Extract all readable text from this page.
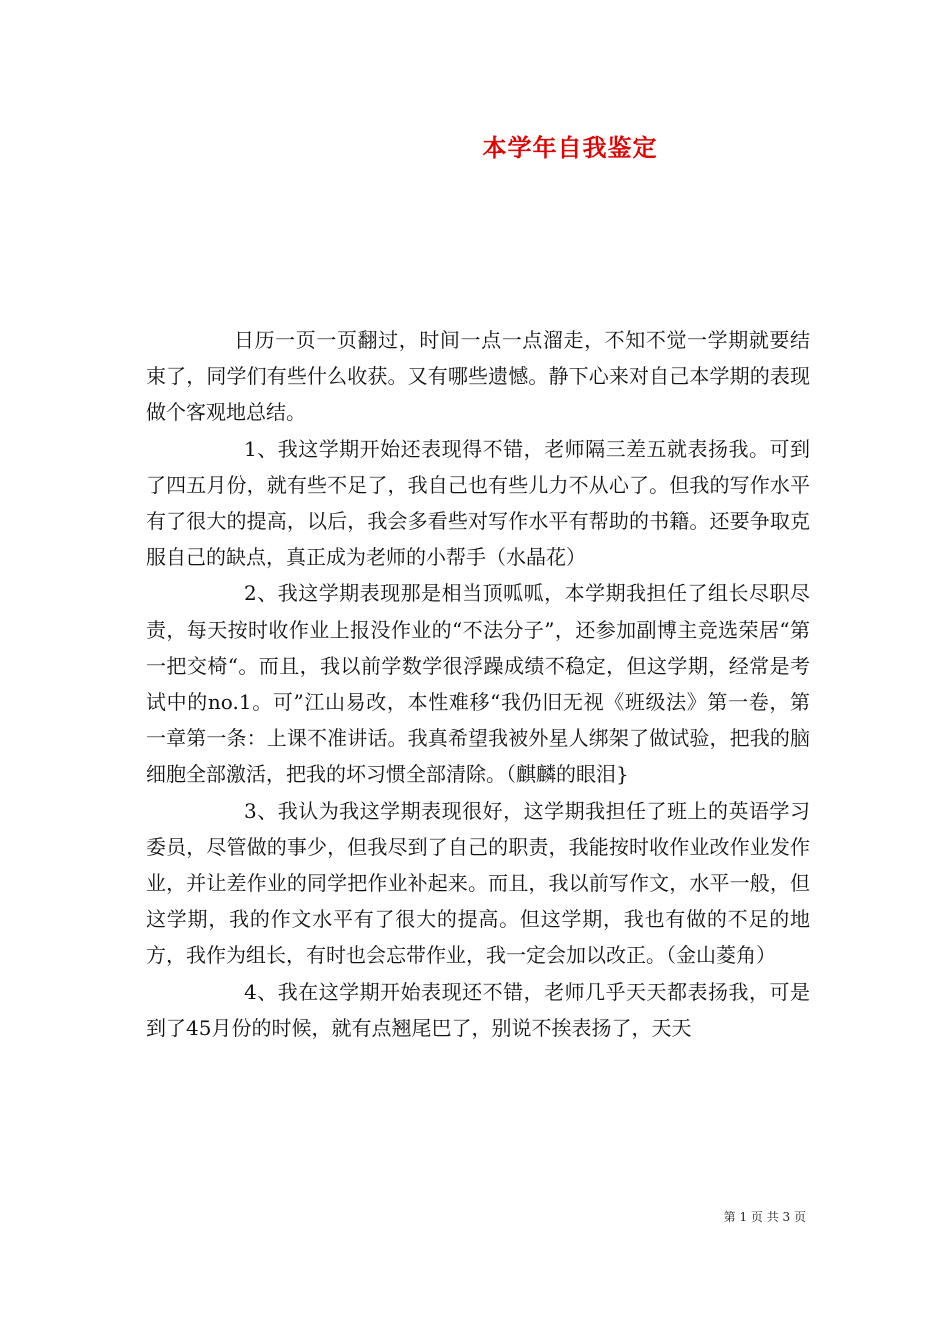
本学年自我鉴定

日历一页一页翻过，时间一点一点溜走，不知不觉一学期就要结束了，同学们有些什么收获。又有哪些遗憾。静下心来对自己本学期的表现做个客观地总结。

1、我这学期开始还表现得不错，老师隔三差五就表扬我。可到了四五月份，就有些不足了，我自己也有些儿力不从心了。但我的写作水平有了很大的提高，以后，我会多看些对写作水平有帮助的书籍。还要争取克服自己的缺点，真正成为老师的小帮手（水晶花）

2、我这学期表现那是相当顶呱呱，本学期我担任了组长尽职尽责，每天按时收作业上报没作业的“不法分子”，还参加副博主竞选荣居“第一把交椅“。而且，我以前学数学很浮躁成绩不稳定，但这学期，经常是考试中的no.1。可”江山易改，本性难移“我仍旧无视《班级法》第一卷，第一章第一条：上课不准讲话。我真希望我被外星人绑架了做试验，把我的脑细胞全部激活，把我的坏习惯全部清除。（麒麟的眼泪}

3、我认为我这学期表现很好，这学期我担任了班上的英语学习委员，尽管做的事少，但我尽到了自己的职责，我能按时收作业改作业发作业，并让差作业的同学把作业补起来。而且，我以前写作文，水平一般，但这学期，我的作文水平有了很大的提高。但这学期，我也有做的不足的地方，我作为组长，有时也会忘带作业，我一定会加以改正。（金山菱角）

4、我在这学期开始表现还不错，老师几乎天天都表扬我，可是到了45月份的时候，就有点翘尾巴了，别说不挨表扬了，天天

第 1 页 共 3 页
